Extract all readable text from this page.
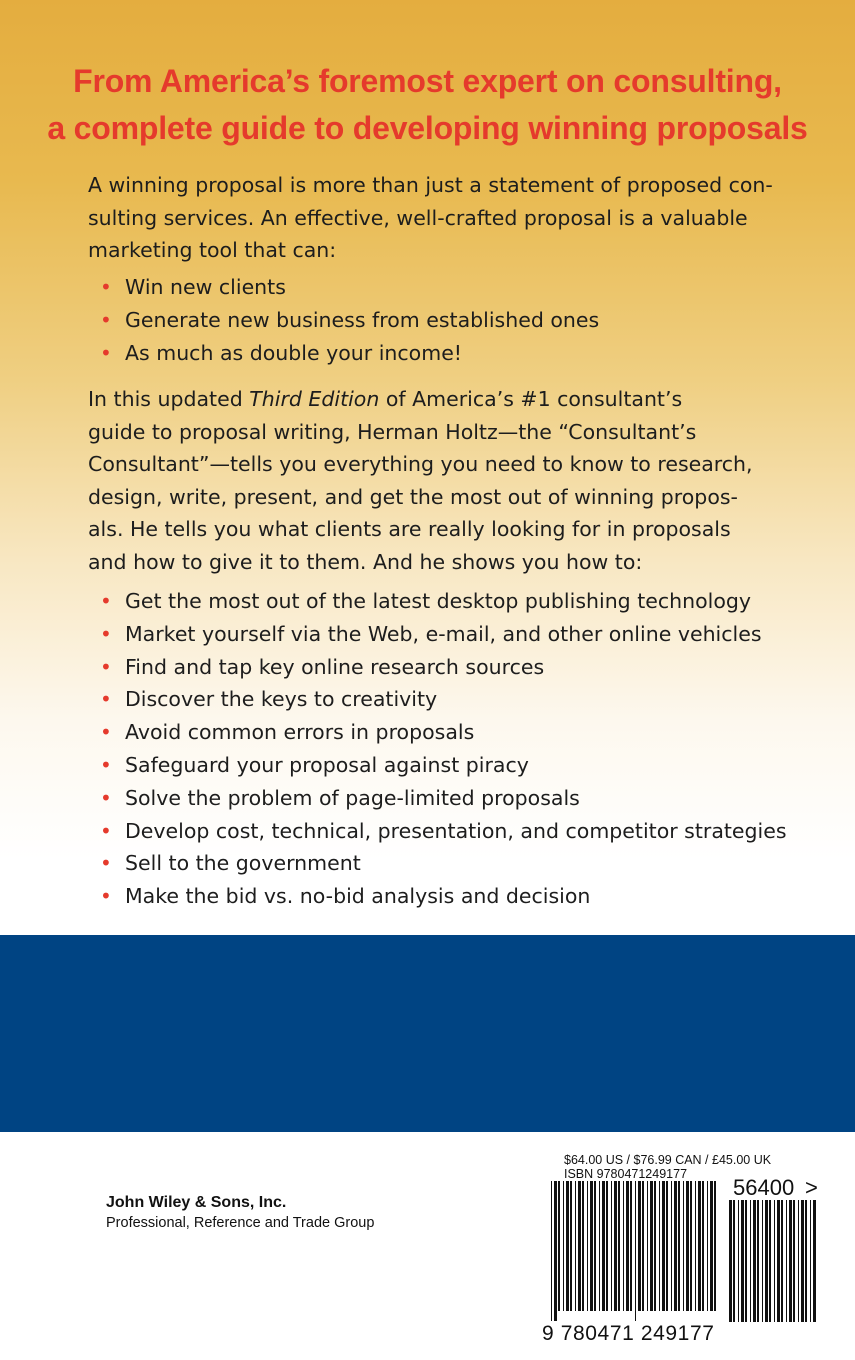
From America’s foremost expert on consulting,
a complete guide to developing winning proposals
A winning proposal is more than just a statement of proposed con-
sulting services. An effective, well-crafted proposal is a valuable
marketing tool that can:
• Win new clients
• Generate new business from established ones
• As much as double your income!
In this updated Third Edition of America’s #1 consultant’s
guide to proposal writing, Herman Holtz—the “Consultant’s
Consultant”—tells you everything you need to know to research,
design, write, present, and get the most out of winning propos-
als. He tells you what clients are really looking for in proposals
and how to give it to them. And he shows you how to:
• Get the most out of the latest desktop publishing technology
• Market yourself via the Web, e-mail, and other online vehicles
• Find and tap key online research sources
• Discover the keys to creativity
• Avoid common errors in proposals
• Safeguard your proposal against piracy
• Solve the problem of page-limited proposals
• Develop cost, technical, presentation, and competitor strategies
• Sell to the government
• Make the bid vs. no-bid analysis and decision
John Wiley & Sons, Inc.
Professional, Reference and Trade Group
$64.00 US / $76.99 CAN / £45.00 UK
ISBN 9780471249177
56400 >
9 780471 249177
